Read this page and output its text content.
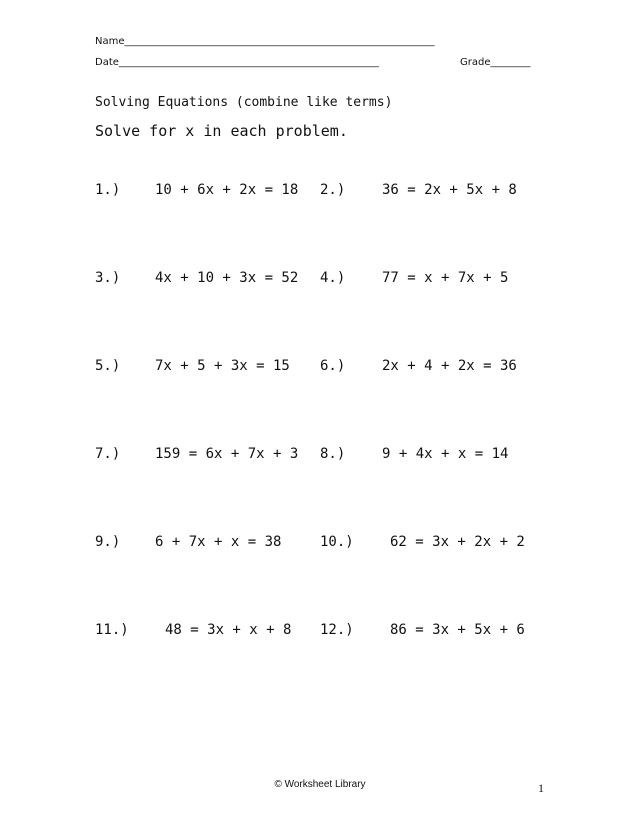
Name______________________________________________________________
Date____________________________________________________	Grade________
Solving Equations (combine like terms)
Solve for x in each problem.
1.) 10 + 6x + 2x = 18 2.)	36 = 2x + 5x + 8
3.) 4x + 10 + 3x = 52 4.)	77 = x + 7x + 5
5.) 7x + 5 + 3x = 15 6.)	2x + 4 + 2x = 36
7.) 159 = 6x + 7x + 3 8.)	9 + 4x + x = 14
9.) 6 + 7x + x = 38	10.)	62 = 3x + 2x + 2
11.)	48 = 3x + x + 8 12.)	86 = 3x + 5x + 6
© Worksheet Library	1
